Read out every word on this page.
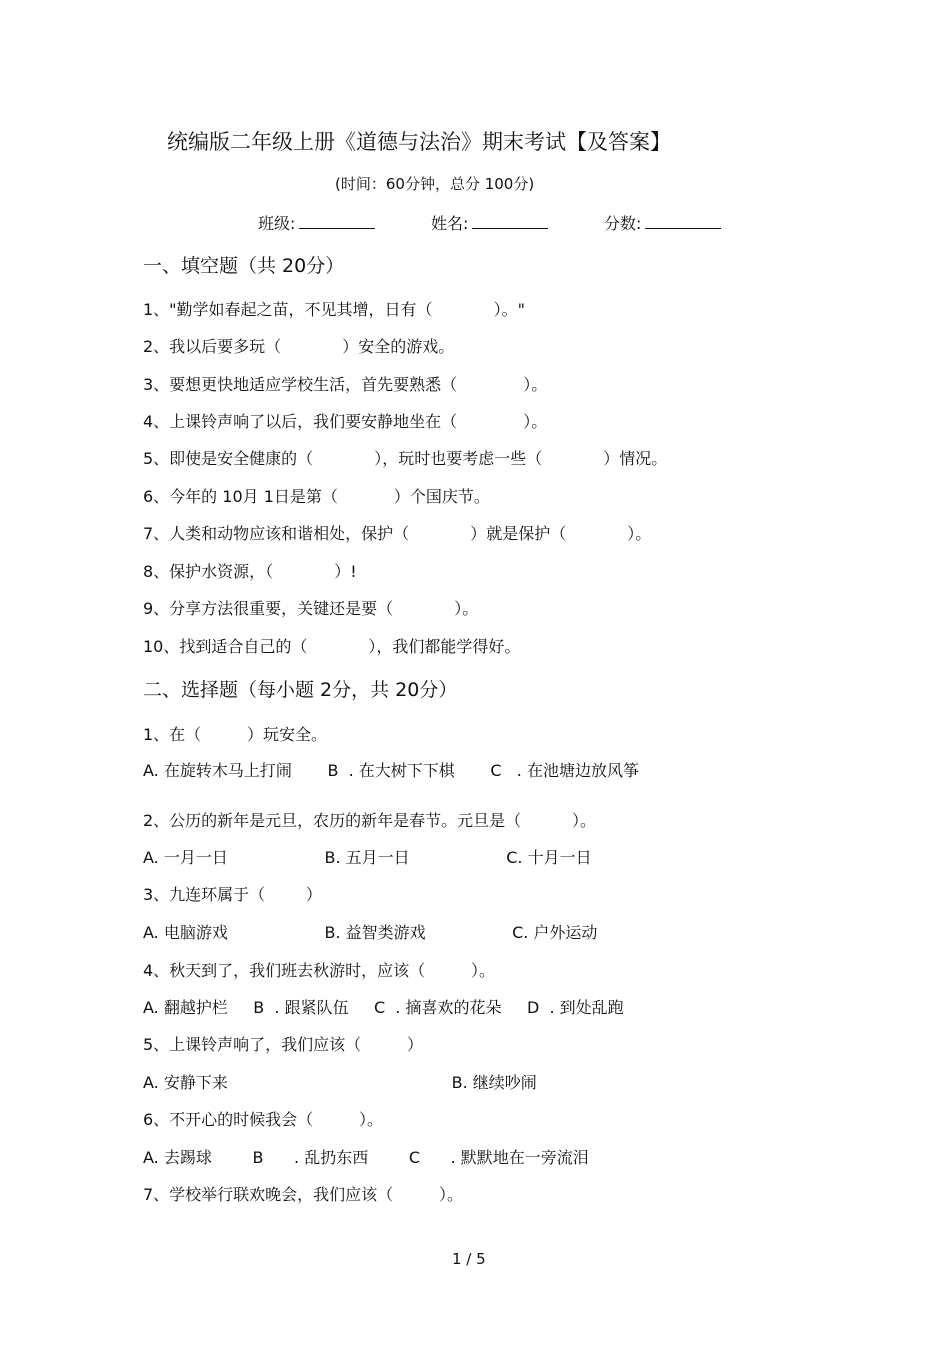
统编版二年级上册《道德与法治》期末考试【及答案】
(时间：60分钟，总分 100分)
班级:	姓名:	分数:
一、填空题（共 20分）
1、"勤学如春起之苗，不见其增，日有（            ）。"
2、我以后要多玩（            ）安全的游戏。
3、要想更快地适应学校生活，首先要熟悉（             ）。
4、上课铃声响了以后，我们要安静地坐在（             ）。
5、即使是安全健康的（            ），玩时也要考虑一些（            ）情况。
6、今年的 10月 1日是第（           ）个国庆节。
7、人类和动物应该和谐相处，保护（            ）就是保护（            ）。
8、保护水资源，（            ）!
9、分享方法很重要，关键还是要（            ）。
10、找到适合自己的（            ），我们都能学得好。
二、选择题（每小题 2分，共 20分）
1、在（         ）玩安全。
A. 在旋转木马上打闹       B  . 在大树下下棋       C   . 在池塘边放风筝
2、公历的新年是元旦，农历的新年是春节。元旦是（          ）。
A. 一月一日                   B. 五月一日                   C. 十月一日
3、九连环属于（        ）
A. 电脑游戏                   B. 益智类游戏                 C. 户外运动
4、秋天到了，我们班去秋游时，应该（         ）。
A. 翻越护栏     B  . 跟紧队伍     C  . 摘喜欢的花朵     D  . 到处乱跑
5、上课铃声响了，我们应该（         ）
A. 安静下来                                            B. 继续吵闹
6、不开心的时候我会（         ）。
A. 去踢球        B      . 乱扔东西        C      . 默默地在一旁流泪
7、学校举行联欢晚会，我们应该（         ）。
1 / 5
